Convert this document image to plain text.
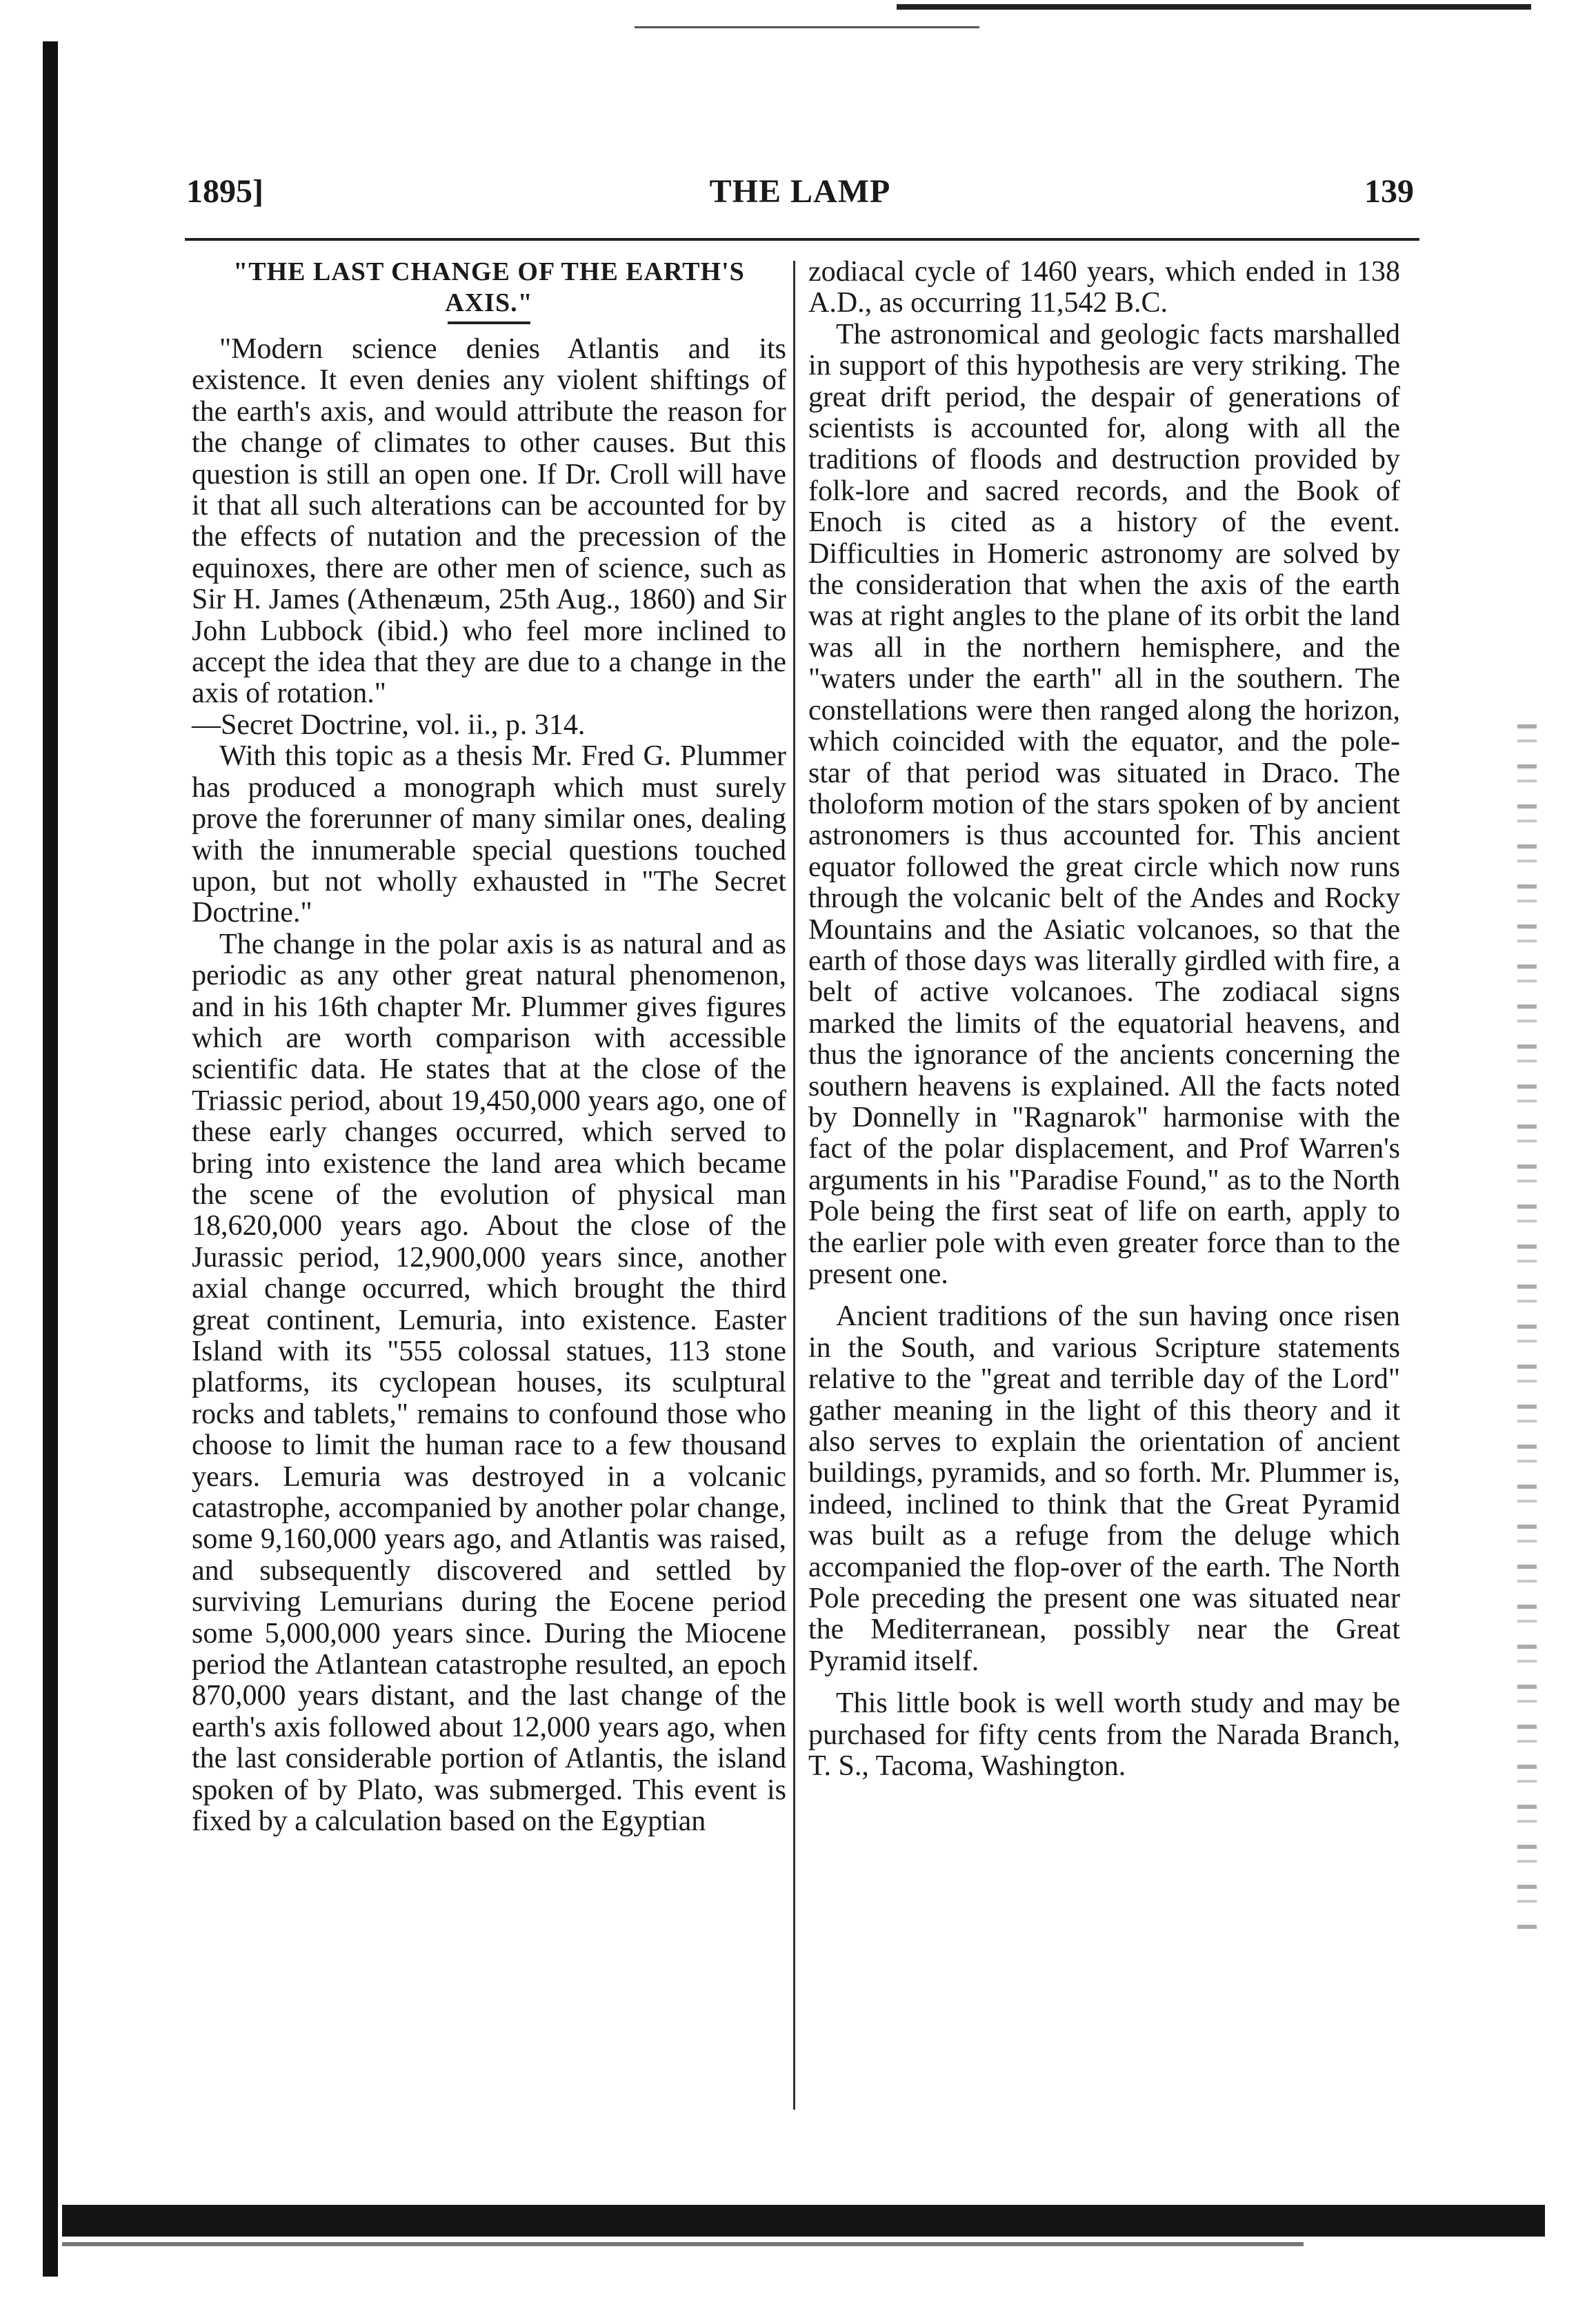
THE LAMP
1895]	139
"THE LAST CHANGE OF THE EARTH'S AXIS."

"Modern science denies Atlantis and its existence. It even denies any violent shiftings of the earth's axis, and would attribute the reason for the change of climates to other causes. But this question is still an open one. If Dr. Croll will have it that all such alterations can be accounted for by the effects of nutation and the precession of the equinoxes, there are other men of science, such as Sir H. James (Athenæum, 25th Aug., 1860) and Sir John Lubbock (ibid.) who feel more inclined to accept the idea that they are due to a change in the axis of rotation."

—Secret Doctrine, vol. ii., p. 314.

With this topic as a thesis Mr. Fred G. Plummer has produced a monograph which must surely prove the forerunner of many similar ones, dealing with the innumerable special questions touched upon, but not wholly exhausted in "The Secret Doctrine."

The change in the polar axis is as natural and as periodic as any other great natural phenomenon, and in his 16th chapter Mr. Plummer gives figures which are worth comparison with accessible scientific data. He states that at the close of the Triassic period, about 19,450,000 years ago, one of these early changes occurred, which served to bring into existence the land area which became the scene of the evolution of physical man 18,620,000 years ago. About the close of the Jurassic period, 12,900,000 years since, another axial change occurred, which brought the third great continent, Lemuria, into existence. Easter Island with its "555 colossal statues, 113 stone platforms, its cyclopean houses, its sculptural rocks and tablets," remains to confound those who choose to limit the human race to a few thousand years. Lemuria was destroyed in a volcanic catastrophe, accompanied by another polar change, some 9,160,000 years ago, and Atlantis was raised, and subsequently discovered and settled by surviving Lemurians during the Eocene period some 5,000,000 years since. During the Miocene period the Atlantean catastrophe resulted, an epoch 870,000 years distant, and the last change of the earth's axis followed about 12,000 years ago, when the last considerable portion of Atlantis, the island spoken of by Plato, was submerged. This event is fixed by a calculation based on the Egyptian

zodiacal cycle of 1460 years, which ended in 138 A.D., as occurring 11,542 B.C.

The astronomical and geologic facts marshalled in support of this hypothesis are very striking. The great drift period, the despair of generations of scientists is accounted for, along with all the traditions of floods and destruction provided by folk-lore and sacred records, and the Book of Enoch is cited as a history of the event. Difficulties in Homeric astronomy are solved by the consideration that when the axis of the earth was at right angles to the plane of its orbit the land was all in the northern hemisphere, and the "waters under the earth" all in the southern. The constellations were then ranged along the horizon, which coincided with the equator, and the pole-star of that period was situated in Draco. The tholoform motion of the stars spoken of by ancient astronomers is thus accounted for. This ancient equator followed the great circle which now runs through the volcanic belt of the Andes and Rocky Mountains and the Asiatic volcanoes, so that the earth of those days was literally girdled with fire, a belt of active volcanoes. The zodiacal signs marked the limits of the equatorial heavens, and thus the ignorance of the ancients concerning the southern heavens is explained. All the facts noted by Donnelly in "Ragnarok" harmonise with the fact of the polar displacement, and Prof Warren's arguments in his "Paradise Found," as to the North Pole being the first seat of life on earth, apply to the earlier pole with even greater force than to the present one.

Ancient traditions of the sun having once risen in the South, and various Scripture statements relative to the "great and terrible day of the Lord" gather meaning in the light of this theory and it also serves to explain the orientation of ancient buildings, pyramids, and so forth. Mr. Plummer is, indeed, inclined to think that the Great Pyramid was built as a refuge from the deluge which accompanied the flop-over of the earth. The North Pole preceding the present one was situated near the Mediterranean, possibly near the Great Pyramid itself.

This little book is well worth study and may be purchased for fifty cents from the Narada Branch, T. S., Tacoma, Washington.
